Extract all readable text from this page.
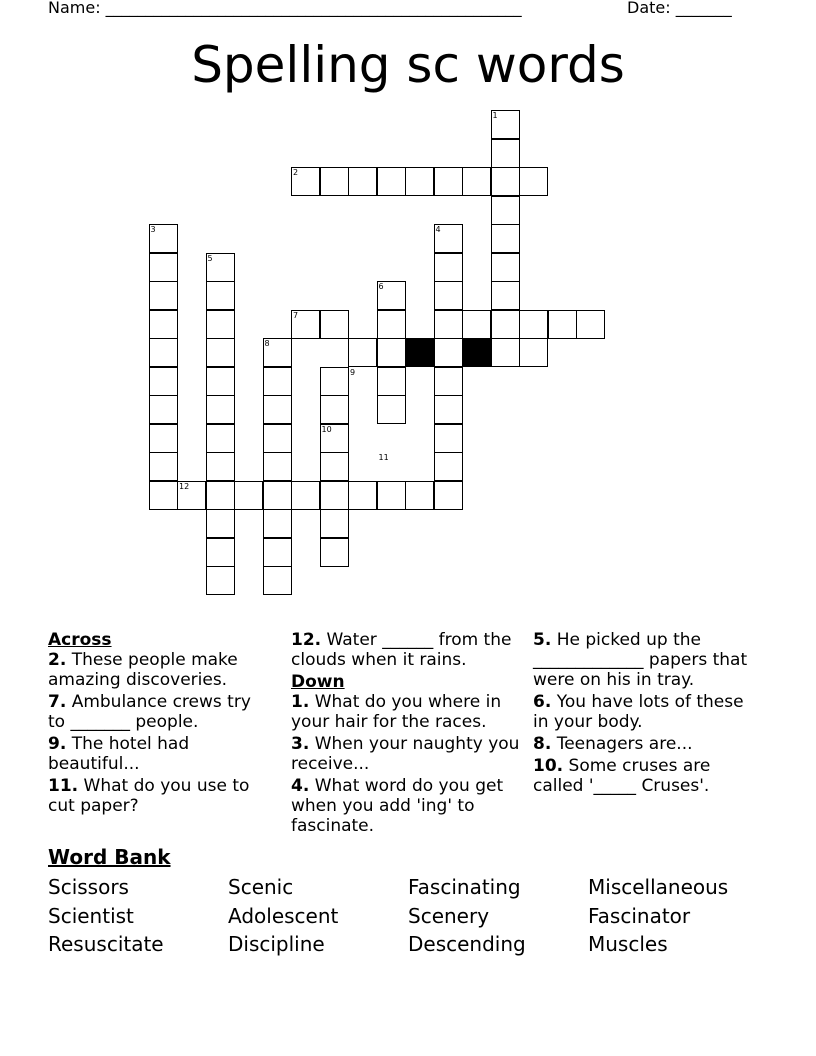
Name: ____________________________________________________	Date: _______
Spelling sc words
1
2
3	4
5
6
7
8
9
10
11
12

Across

2. These people make amazing discoveries.

7. Ambulance crews try to _______ people.

9. The hotel had beautiful...

11. What do you use to cut paper?

12. Water ______ from the clouds when it rains.

Down

1. What do you where in your hair for the races.

3. When your naughty you receive...

4. What word do you get when you add 'ing' to fascinate.

5. He picked up the _____________ papers that were on his in tray.

6. You have lots of these in your body.

8. Teenagers are...

10. Some cruses are called '_____ Cruses'.

Word Bank
Scissors	Scenic	Fascinating	Miscellaneous
Scientist	Adolescent	Scenery	Fascinator
Resuscitate	Discipline	Descending	Muscles
